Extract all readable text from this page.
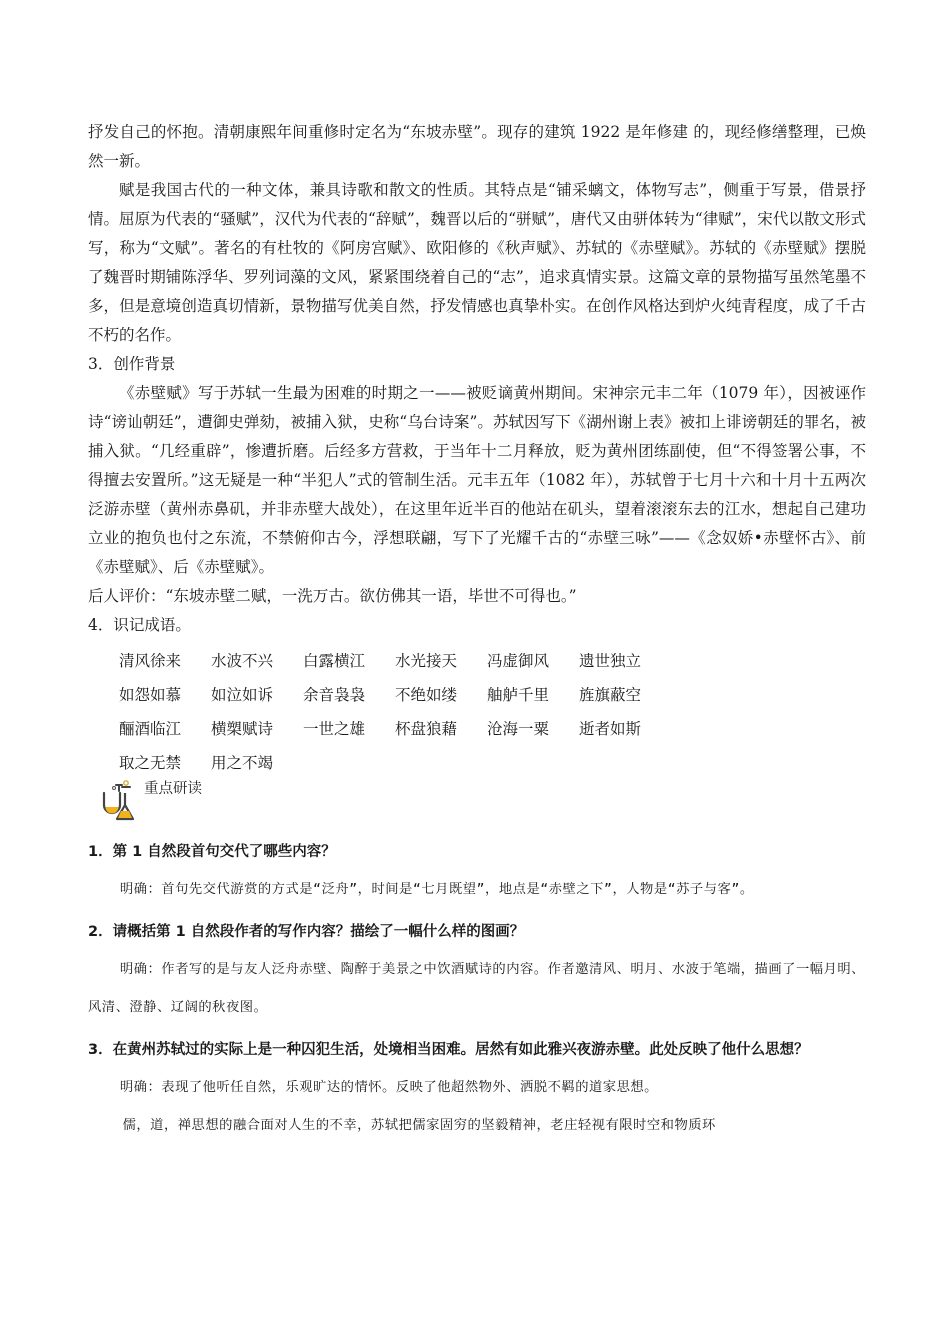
抒发自己的怀抱。清朝康熙年间重修时定名为“东坡赤壁”。现存的建筑 1922 是年修建 的，现经修缮整理，已焕然一新。

赋是我国古代的一种文体，兼具诗歌和散文的性质。其特点是“铺采螭文，体物写志”，侧重于写景，借景抒情。屈原为代表的“骚赋”，汉代为代表的“辞赋”，魏晋以后的“骈赋”，唐代又由骈体转为“律赋”，宋代以散文形式写，称为“文赋”。著名的有杜牧的《阿房宫赋》、欧阳修的《秋声赋》、苏轼的《赤壁赋》。苏轼的《赤壁赋》摆脱了魏晋时期铺陈浮华、罗列词藻的文风，紧紧围绕着自己的“志”，追求真情实景。这篇文章的景物描写虽然笔墨不多，但是意境创造真切情新，景物描写优美自然，抒发情感也真挚朴实。在创作风格达到炉火纯青程度，成了千古不朽的名作。

3．创作背景

《赤壁赋》写于苏轼一生最为困难的时期之一——被贬谪黄州期间。宋神宗元丰二年（1079 年），因被诬作诗“谤讪朝廷”，遭御史弹劾，被捕入狱，史称“乌台诗案”。苏轼因写下《湖州谢上表》被扣上诽谤朝廷的罪名，被捕入狱。“几经重辟”，惨遭折磨。后经多方营救，于当年十二月释放，贬为黄州团练副使，但“不得签署公事，不得擅去安置所。”这无疑是一种“半犯人”式的管制生活。元丰五年（1082 年），苏轼曾于七月十六和十月十五两次泛游赤壁（黄州赤鼻矶，并非赤壁大战处），在这里年近半百的他站在矶头，望着滚滚东去的江水，想起自己建功立业的抱负也付之东流，不禁俯仰古今，浮想联翩，写下了光耀千古的“赤壁三咏”——《念奴娇•赤壁怀古》、前《赤壁赋》、后《赤壁赋》。

后人评价：“东坡赤壁二赋，一洗万古。欲仿佛其一语，毕世不可得也。”

4．识记成语。

清风徐来	水波不兴	白露横江	水光接天	冯虚御风	遗世独立
如怨如慕	如泣如诉	余音袅袅	不绝如缕	舳舻千里	旌旗蔽空
酾酒临江	横槊赋诗	一世之雄	杯盘狼藉	沧海一粟	逝者如斯
取之无禁	用之不竭
重点研读

1．第 1 自然段首句交代了哪些内容？

明确：首句先交代游赏的方式是“泛舟”，时间是“七月既望”，地点是“赤壁之下”，人物是“苏子与客”。

2．请概括第 1 自然段作者的写作内容？描绘了一幅什么样的图画？

明确：作者写的是与友人泛舟赤壁、陶醉于美景之中饮酒赋诗的内容。作者邀清风、明月、水波于笔端，描画了一幅月明、风清、澄静、辽阔的秋夜图。

3．在黄州苏轼过的实际上是一种囚犯生活，处境相当困难。居然有如此雅兴夜游赤壁。此处反映了他什么思想？

明确：表现了他听任自然，乐观旷达的情怀。反映了他超然物外、洒脱不羁的道家思想。

儒，道，禅思想的融合面对人生的不幸，苏轼把儒家固穷的坚毅精神，老庄轻视有限时空和物质环
